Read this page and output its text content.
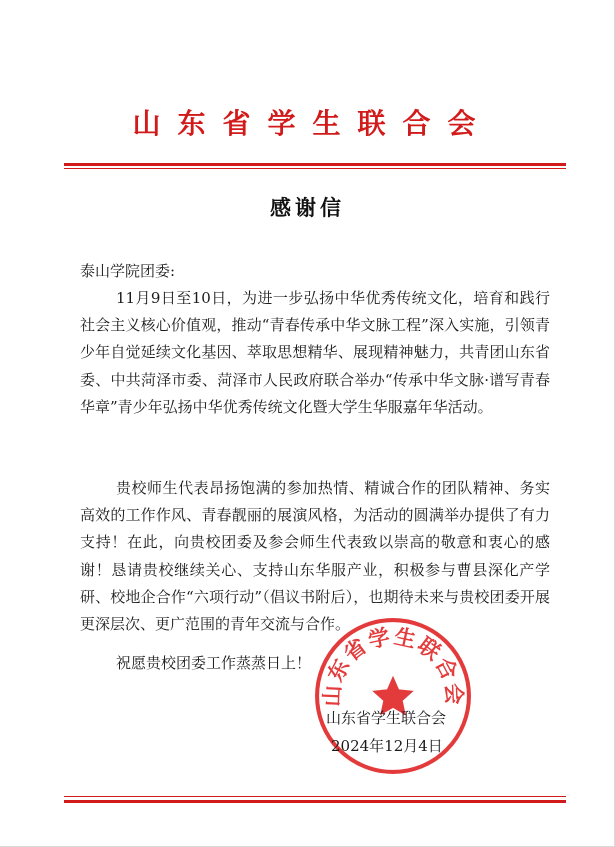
山东省学生联合会
感谢信
泰山学院团委:
11月9日至10日，为进一步弘扬中华优秀传统文化，培育和践行社会主义核心价值观，推动“青春传承中华文脉工程”深入实施，引领青少年自觉延续文化基因、萃取思想精华、展现精神魅力，共青团山东省委、中共菏泽市委、菏泽市人民政府联合举办“传承中华文脉·谱写青春华章”青少年弘扬中华优秀传统文化暨大学生华服嘉年华活动。
贵校师生代表昂扬饱满的参加热情、精诚合作的团队精神、务实高效的工作作风、青春靓丽的展演风格，为活动的圆满举办提供了有力支持！在此，向贵校团委及参会师生代表致以崇高的敬意和衷心的感谢！恳请贵校继续关心、支持山东华服产业，积极参与曹县深化产学研、校地企合作“六项行动”（倡议书附后），也期待未来与贵校团委开展更深层次、更广范围的青年交流与合作。
祝愿贵校团委工作蒸蒸日上！
山东省学生联合会
山东省学生联合会
2024年12月4日
